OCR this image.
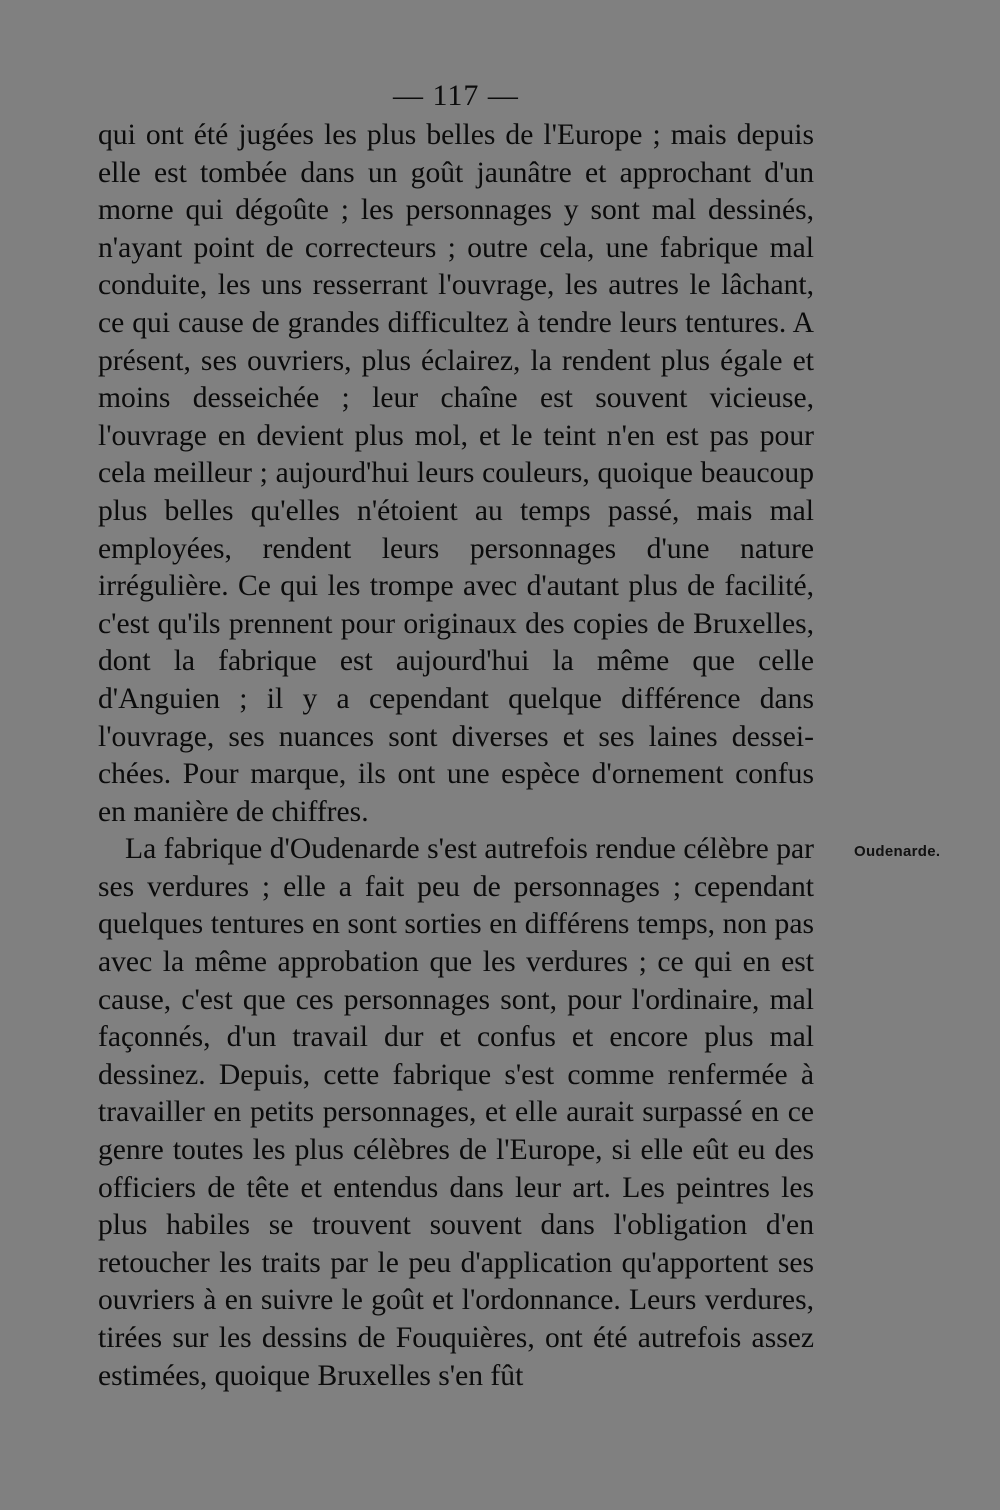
— 117 —

qui ont été jugées les plus belles de l'Europe ; mais depuis elle est tombée dans un goût jaunâtre et approchant d'un morne qui dégoûte ; les personnages y sont mal dessinés, n'ayant point de correcteurs ; outre cela, une fabrique mal conduite, les uns resserrant l'ouvrage, les autres le lâchant, ce qui cause de grandes difficultez à tendre leurs tentures. A présent, ses ouvriers, plus éclairez, la rendent plus égale et moins desseichée ; leur chaîne est souvent vicieuse, l'ouvrage en devient plus mol, et le teint n'en est pas pour cela meilleur ; aujourd'hui leurs couleurs, quoique beaucoup plus belles qu'elles n'étoient au temps passé, mais mal employées, rendent leurs personnages d'une nature irrégulière. Ce qui les trompe avec d'autant plus de facilité, c'est qu'ils prennent pour originaux des copies de Bruxelles, dont la fabrique est aujourd'hui la même que celle d'Anguien ; il y a cependant quelque différence dans l'ouvrage, ses nuances sont diverses et ses laines desseichées. Pour marque, ils ont une espèce d'ornement confus en manière de chiffres.

La fabrique d'Oudenarde s'est autrefois rendue célèbre par ses verdures ; elle a fait peu de personnages ; cependant quelques tentures en sont sorties en différens temps, non pas avec la même approbation que les verdures ; ce qui en est cause, c'est que ces personnages sont, pour l'ordinaire, mal façonnés, d'un travail dur et confus et encore plus mal dessinez. Depuis, cette fabrique s'est comme renfermée à travailler en petits personnages, et elle aurait surpassé en ce genre toutes les plus célèbres de l'Europe, si elle eût eu des officiers de tête et entendus dans leur art. Les peintres les plus habiles se trouvent souvent dans l'obligation d'en retoucher les traits par le peu d'application qu'apportent ses ouvriers à en suivre le goût et l'ordonnance. Leurs verdures, tirées sur les dessins de Fouquières, ont été autrefois assez estimées, quoique Bruxelles s'en fût

Oudenarde.
